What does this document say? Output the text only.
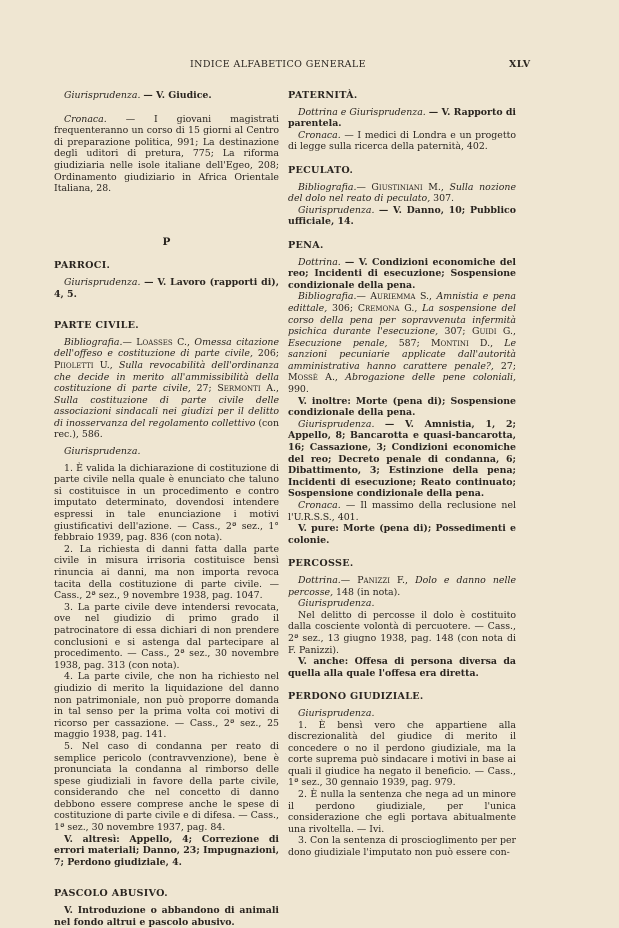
INDICE ALFABETICO GENERALE	XLV

Giurisprudenza. — V. Giudice.

Cronaca. — I giovani magistrati frequenteranno un corso di 15 giorni al Centro di preparazione politica, 991; La destinazione degli uditori di pretura, 775; La riforma giudiziaria nelle isole italiane dell'Egeo, 208; Ordinamento giudiziario in Africa Orientale Italiana, 28.

P

PARROCI.

Giurisprudenza. — V. Lavoro (rapporti di), 4, 5.

PARTE CIVILE.

Bibliografia.— Loasses C., Omessa citazione dell'offeso e costituzione di parte civile, 206; Piioletti U., Sulla revocabilità dell'ordinanza che decide in merito all'ammissibilità della costituzione di parte civile, 27; Sermonti A., Sulla costituzione di parte civile delle associazioni sindacali nei giudizi per il delitto di inosservanza del regolamento collettivo (con rec.), 586.

Giurisprudenza.

1. È valida la dichiarazione di costituzione di parte civile nella quale è enunciato che taluno si costituisce in un procedimento e contro imputato determinato, dovendosi intendere espressi in tale enunciazione i motivi giustificativi dell'azione. — Cass., 2ª sez., 1° febbraio 1939, pag. 836 (con nota).

2. La richiesta di danni fatta dalla parte civile in misura irrisoria costituisce bensì rinuncia ai danni, ma non importa revoca tacita della costituzione di parte civile. — Cass., 2ª sez., 9 novembre 1938, pag. 1047.

3. La parte civile deve intendersi revocata, ove nel giudizio di primo grado il patrocinatore di essa dichiari di non prendere conclusioni e si astenga dal partecipare al procedimento. — Cass., 2ª sez., 30 novembre 1938, pag. 313 (con nota).

4. La parte civile, che non ha richiesto nel giudizio di merito la liquidazione del danno non patrimoniale, non può proporre domanda in tal senso per la prima volta coi motivi di ricorso per cassazione. — Cass., 2ª sez., 25 maggio 1938, pag. 141.

5. Nel caso di condanna per reato di semplice pericolo (contravvenzione), bene è pronunciata la condanna al rimborso delle spese giudiziali in favore della parte civile, considerando che nel concetto di danno debbono essere comprese anche le spese di costituzione di parte civile e di difesa. — Cass., 1ª sez., 30 novembre 1937, pag. 84.

V. altresì: Appello, 4; Correzione di errori materiali; Danno, 23; Impugnazioni, 7; Perdono giudiziale, 4.

PASCOLO ABUSIVO.

V. Introduzione o abbandono di animali nel fondo altrui e pascolo abusivo.

PATERNITÀ.

Dottrina e Giurisprudenza. — V. Rapporto di parentela.

Cronaca. — I medici di Londra e un progetto di legge sulla ricerca della paternità, 402.

PECULATO.

Bibliografia.— Giustiniani M., Sulla nozione del dolo nel reato di peculato, 307.

Giurisprudenza. — V. Danno, 10; Pubblico ufficiale, 14.

PENA.

Dottrina. — V. Condizioni economiche del reo; Incidenti di esecuzione; Sospensione condizionale della pena.

Bibliografia.— Auriemma S., Amnistia e pena edittale, 306; Cremona G., La sospensione del corso della pena per sopravvenuta infermità psichica durante l'esecuzione, 307; Guidi G., Esecuzione penale, 587; Montini D., Le sanzioni pecuniarie applicate dall'autorità amministrativa hanno carattere penale?, 27; Mossè A., Abrogazione delle pene coloniali, 990.

V. inoltre: Morte (pena di); Sospensione condizionale della pena.

Giurisprudenza. — V. Amnistia, 1, 2; Appello, 8; Bancarotta e quasi-bancarotta, 16; Cassazione, 3; Condizioni economiche del reo; Decreto penale di condanna, 6; Dibattimento, 3; Estinzione della pena; Incidenti di esecuzione; Reato continuato; Sospensione condizionale della pena.

Cronaca. — Il massimo della reclusione nel l'U.R.S.S., 401.

V. pure: Morte (pena di); Possedimenti e colonie.

PERCOSSE.

Dottrina.— Panizzi F., Dolo e danno nelle percosse, 148 (in nota).

Giurisprudenza.

Nel delitto di percosse il dolo è costituito dalla cosciente volontà di percuotere. — Cass., 2ª sez., 13 giugno 1938, pag. 148 (con nota di F. Panizzi).

V. anche: Offesa di persona diversa da quella alla quale l'offesa era diretta.

PERDONO GIUDIZIALE.

Giurisprudenza.

1. È bensì vero che appartiene alla discrezionalità del giudice di merito il concedere o no il perdono giudiziale, ma la corte suprema può sindacare i motivi in base ai quali il giudice ha negato il beneficio. — Cass., 1ª sez., 30 gennaio 1939, pag. 979.

2. È nulla la sentenza che nega ad un minore il perdono giudiziale, per l'unica considerazione che egli portava abitualmente una rivoltella. — Ivi.

3. Con la sentenza di proscioglimento per per dono giudiziale l'imputato non può essere con-
